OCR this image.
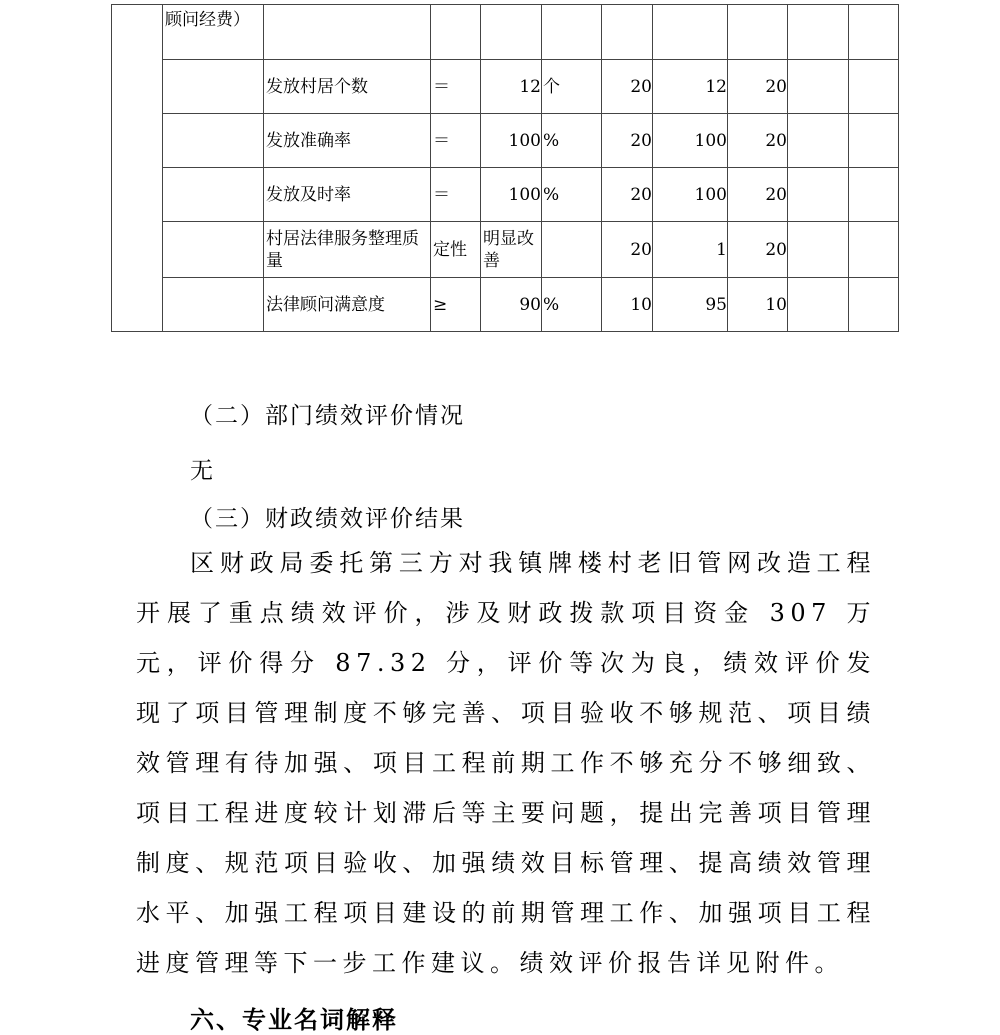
	顾问经费）									
		发放村居个数	＝	12	个	20	12	20		
		发放准确率	＝	100	%	20	100	20		
		发放及时率	＝	100	%	20	100	20		
		村居法律服务整理质量	定性	明显改善		20	1	20		
		法律顾问满意度	≥	90	%	10	95	10		
（二）部门绩效评价情况
无
（三）财政绩效评价结果
区财政局委托第三方对我镇牌楼村老旧管网改造工程开展了重点绩效评价，涉及财政拨款项目资金 307 万元，评价得分 87.32 分，评价等次为良，绩效评价发现了项目管理制度不够完善、项目验收不够规范、项目绩效管理有待加强、项目工程前期工作不够充分不够细致、项目工程进度较计划滞后等主要问题，提出完善项目管理制度、规范项目验收、加强绩效目标管理、提高绩效管理水平、加强工程项目建设的前期管理工作、加强项目工程进度管理等下一步工作建议。绩效评价报告详见附件。
六、专业名词解释
